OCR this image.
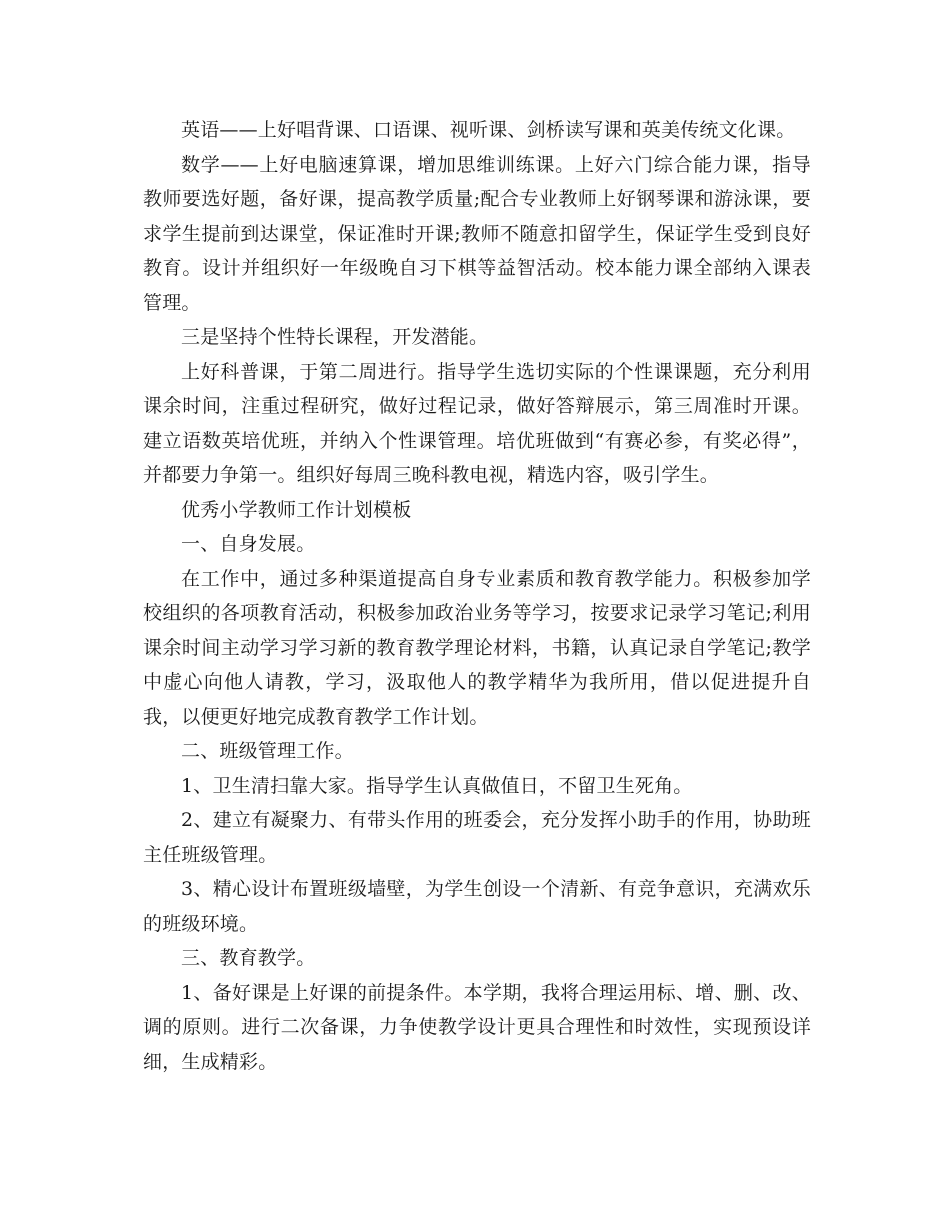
英语——上好唱背课、口语课、视听课、剑桥读写课和英美传统文化课。

数学——上好电脑速算课，增加思维训练课。上好六门综合能力课，指导教师要选好题，备好课，提高教学质量;配合专业教师上好钢琴课和游泳课，要求学生提前到达课堂，保证准时开课;教师不随意扣留学生，保证学生受到良好教育。设计并组织好一年级晚自习下棋等益智活动。校本能力课全部纳入课表管理。

三是坚持个性特长课程，开发潜能。

上好科普课，于第二周进行。指导学生选切实际的个性课课题，充分利用课余时间，注重过程研究，做好过程记录，做好答辩展示，第三周准时开课。建立语数英培优班，并纳入个性课管理。培优班做到“有赛必参，有奖必得”，并都要力争第一。组织好每周三晚科教电视，精选内容，吸引学生。

优秀小学教师工作计划模板

一、自身发展。

在工作中，通过多种渠道提高自身专业素质和教育教学能力。积极参加学校组织的各项教育活动，积极参加政治业务等学习，按要求记录学习笔记;利用课余时间主动学习学习新的教育教学理论材料，书籍，认真记录自学笔记;教学中虚心向他人请教，学习，汲取他人的教学精华为我所用，借以促进提升自我，以便更好地完成教育教学工作计划。

二、班级管理工作。

1、卫生清扫靠大家。指导学生认真做值日，不留卫生死角。

2、建立有凝聚力、有带头作用的班委会，充分发挥小助手的作用，协助班主任班级管理。

3、精心设计布置班级墙壁，为学生创设一个清新、有竞争意识，充满欢乐的班级环境。

三、教育教学。

1、备好课是上好课的前提条件。本学期，我将合理运用标、增、删、改、调的原则。进行二次备课，力争使教学设计更具合理性和时效性，实现预设详细，生成精彩。
